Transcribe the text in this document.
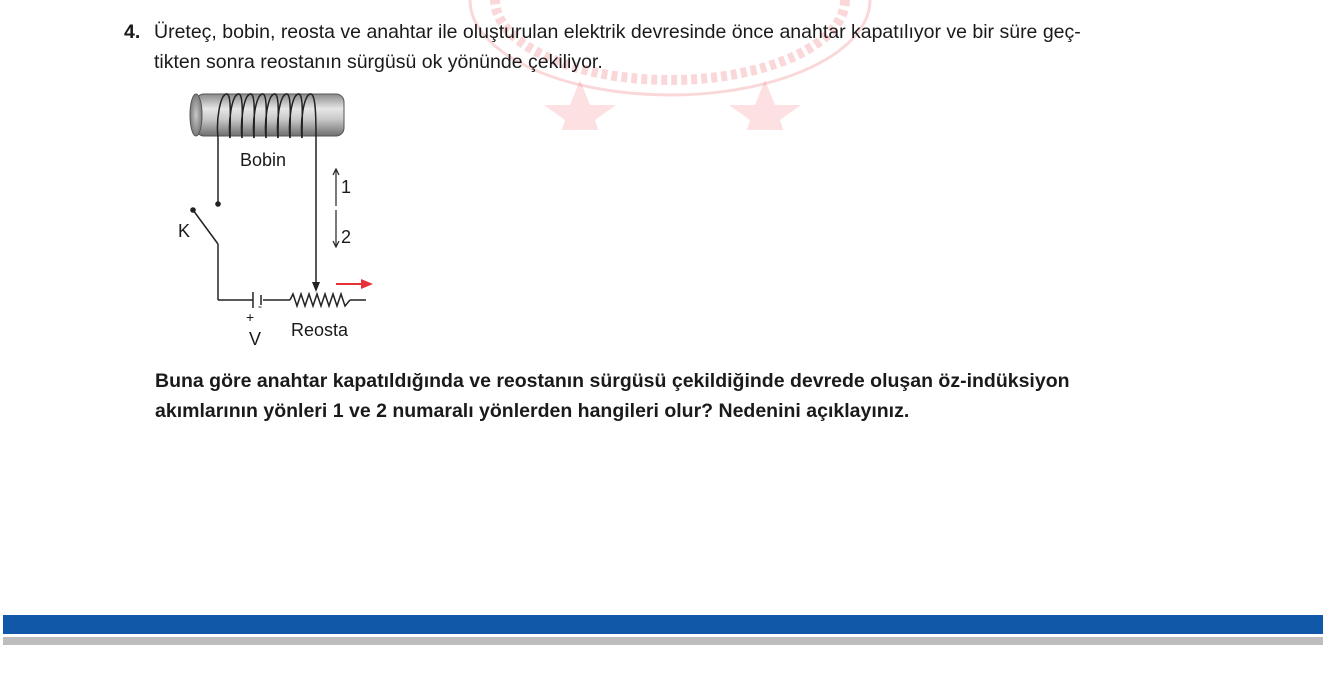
4. Üreteç, bobin, reosta ve anahtar ile oluşturulan elektrik devresinde önce anahtar kapatılıyor ve bir süre geç-
tikten sonra reostanın sürgüsü ok yönünde çekiliyor.
Bobin
K
1
2
-
+
V Reosta
Buna göre anahtar kapatıldığında ve reostanın sürgüsü çekildiğinde devrede oluşan öz-indüksiyon
akımlarının yönleri 1 ve 2 numaralı yönlerden hangileri olur? Nedenini açıklayınız.
